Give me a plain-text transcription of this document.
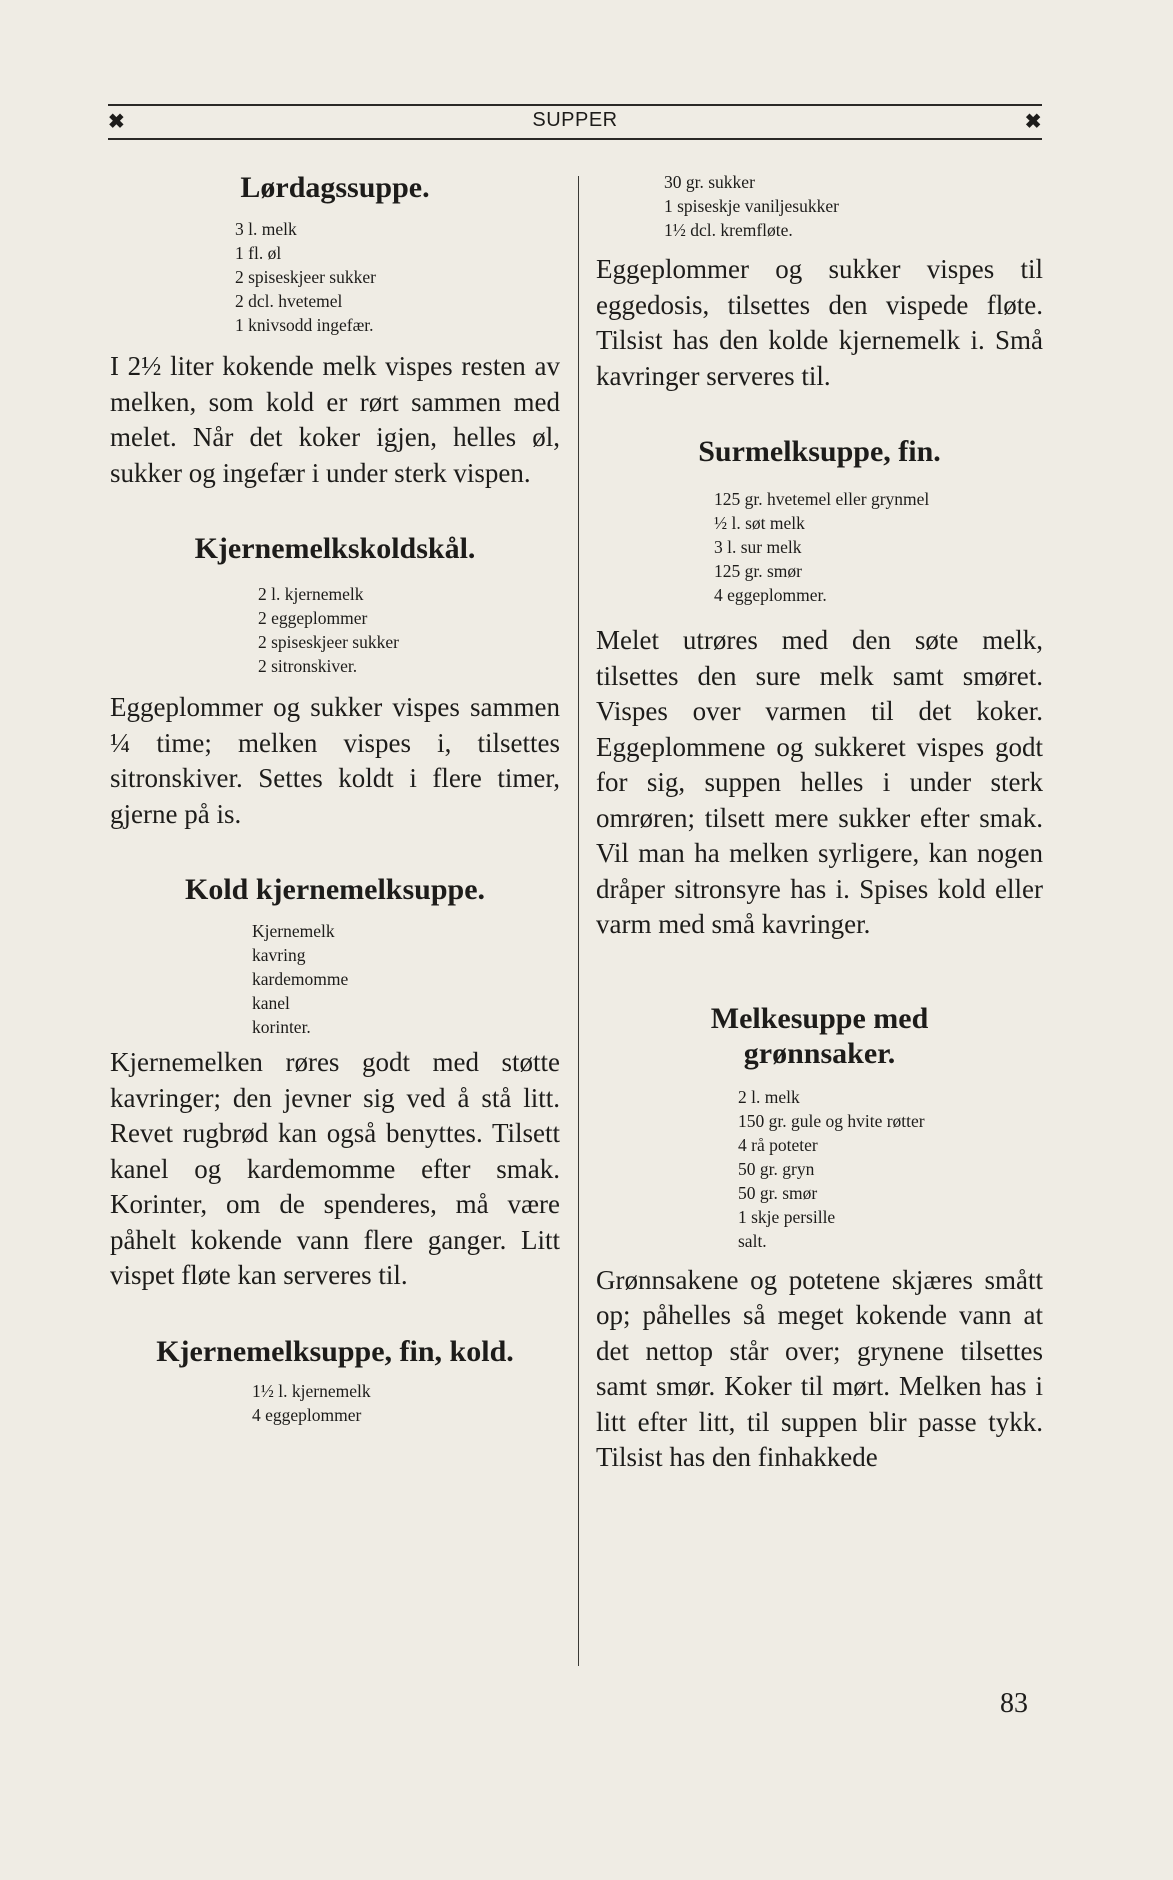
✖	SUPPER	✖
Lørdagssuppe.
3 l. melk
1 fl. øl
2 spiseskjeer sukker
2 dcl. hvetemel
1 knivsodd ingefær.

I 2½ liter kokende melk vispes resten av melken, som kold er rørt sammen med melet. Når det koker igjen, helles øl, sukker og ingefær i under sterk vispen.

Kjernemelkskoldskål.
2 l. kjernemelk
2 eggeplommer
2 spiseskjeer sukker
2 sitronskiver.

Eggeplommer og sukker vispes sammen ¼ time; melken vispes i, tilsettes sitronskiver. Settes koldt i flere timer, gjerne på is.

Kold kjernemelksuppe.
Kjernemelk
kavring
kardemomme
kanel
korinter.

Kjernemelken røres godt med støtte kavringer; den jevner sig ved å stå litt. Revet rugbrød kan også benyttes. Tilsett kanel og kardemomme efter smak. Korinter, om de spenderes, må være påhelt kokende vann flere ganger. Litt vispet fløte kan serveres til.

Kjernemelksuppe, fin, kold.
1½ l. kjernemelk
4 eggeplommer
30 gr. sukker
1 spiseskje vaniljesukker
1½ dcl. kremfløte.

Eggeplommer og sukker vispes til eggedosis, tilsettes den vispede fløte. Tilsist has den kolde kjernemelk i. Små kavringer serveres til.

Surmelksuppe, fin.
125 gr. hvetemel eller grynmel
½ l. søt melk
3 l. sur melk
125 gr. smør
4 eggeplommer.

Melet utrøres med den søte melk, tilsettes den sure melk samt smøret. Vispes over varmen til det koker. Eggeplommene og sukkeret vispes godt for sig, suppen helles i under sterk omrøren; tilsett mere sukker efter smak. Vil man ha melken syrligere, kan nogen dråper sitronsyre has i. Spises kold eller varm med små kavringer.

Melkesuppe med grønnsaker.
2 l. melk
150 gr. gule og hvite røtter
4 rå poteter
50 gr. gryn
50 gr. smør
1 skje persille
salt.

Grønnsakene og potetene skjæres smått op; påhelles så meget kokende vann at det nettop står over; grynene tilsettes samt smør. Koker til mørt. Melken has i litt efter litt, til suppen blir passe tykk. Tilsist has den finhakkede

83
